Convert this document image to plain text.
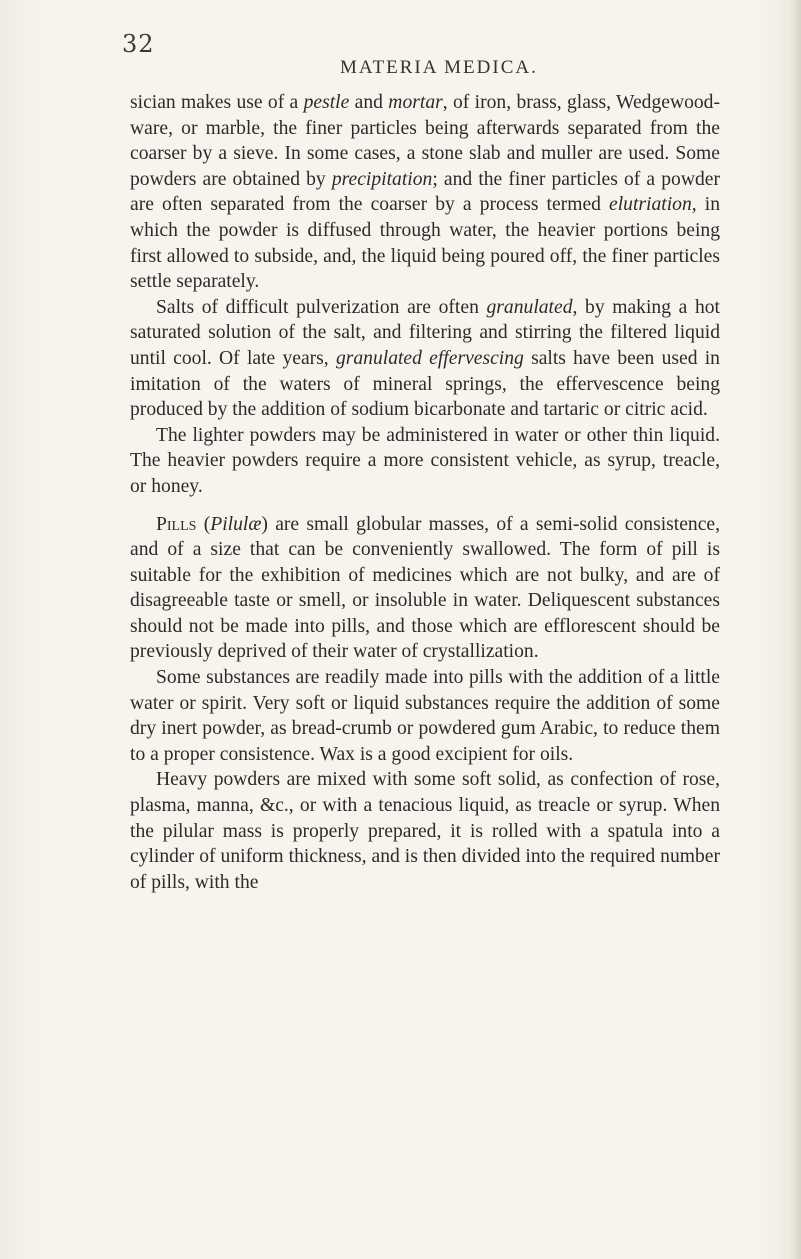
32
MATERIA MEDICA.

sician makes use of a pestle and mortar, of iron, brass, glass, Wedgewood-ware, or marble, the finer particles being afterwards separated from the coarser by a sieve. In some cases, a stone slab and muller are used. Some powders are obtained by precipitation; and the finer particles of a powder are often separated from the coarser by a process termed elutriation, in which the powder is diffused through water, the heavier portions being first allowed to subside, and, the liquid being poured off, the finer particles settle separately.

Salts of difficult pulverization are often granulated, by making a hot saturated solution of the salt, and filtering and stirring the filtered liquid until cool. Of late years, granulated effervescing salts have been used in imitation of the waters of mineral springs, the effervescence being produced by the addition of sodium bicarbonate and tartaric or citric acid.

The lighter powders may be administered in water or other thin liquid. The heavier powders require a more consistent vehicle, as syrup, treacle, or honey.

Pills (Pilulæ) are small globular masses, of a semi-solid consistence, and of a size that can be conveniently swallowed. The form of pill is suitable for the exhibition of medicines which are not bulky, and are of disagreeable taste or smell, or insoluble in water. Deliquescent substances should not be made into pills, and those which are efflorescent should be previously deprived of their water of crystallization.

Some substances are readily made into pills with the addition of a little water or spirit. Very soft or liquid substances require the addition of some dry inert powder, as bread-crumb or powdered gum Arabic, to reduce them to a proper consistence. Wax is a good excipient for oils.

Heavy powders are mixed with some soft solid, as confection of rose, plasma, manna, &c., or with a tenacious liquid, as treacle or syrup. When the pilular mass is properly prepared, it is rolled with a spatula into a cylinder of uniform thickness, and is then divided into the required number of pills, with the
